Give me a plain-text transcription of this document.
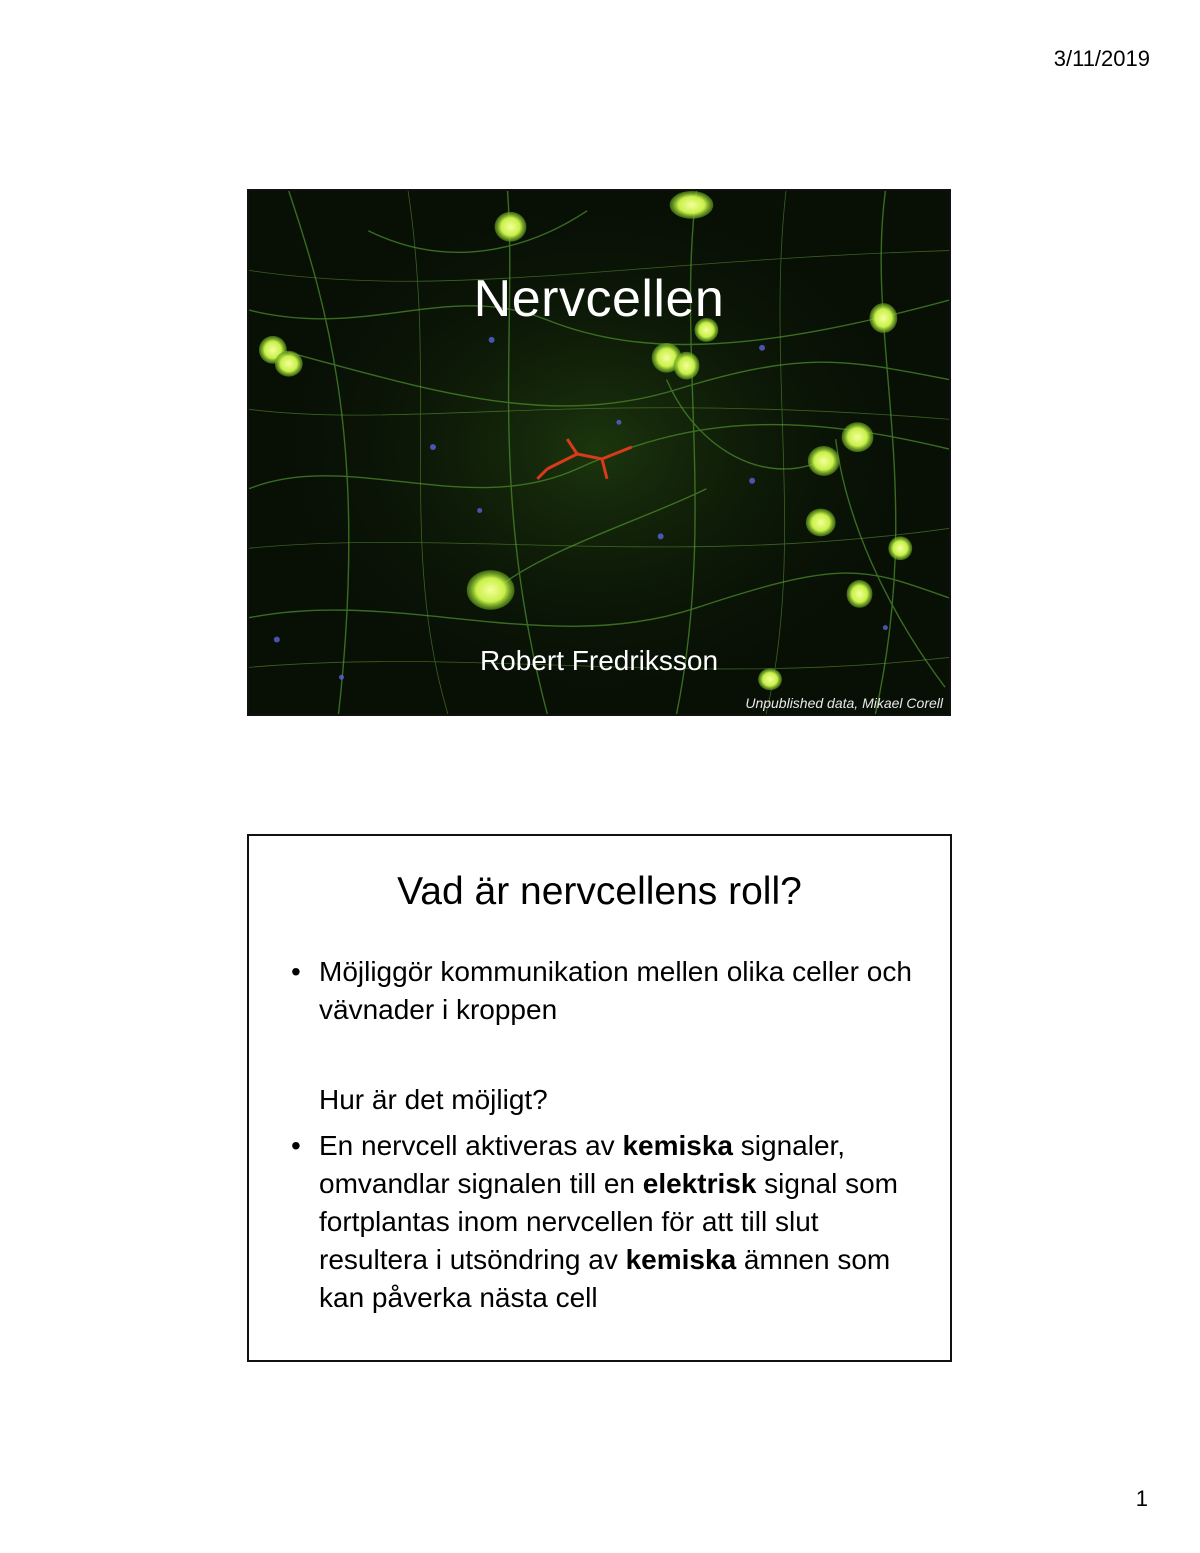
3/11/2019
Nervcellen
Robert Fredriksson
Unpublished data, Mikael Corell
Vad är nervcellens roll?
• Möjliggör kommunikation mellen olika celler och vävnader i kroppen
Hur är det möjligt?
• En nervcell aktiveras av kemiska signaler, omvandlar signalen till en elektrisk signal som fortplantas inom nervcellen för att till slut resultera i utsöndring av kemiska ämnen som kan påverka nästa cell
1
